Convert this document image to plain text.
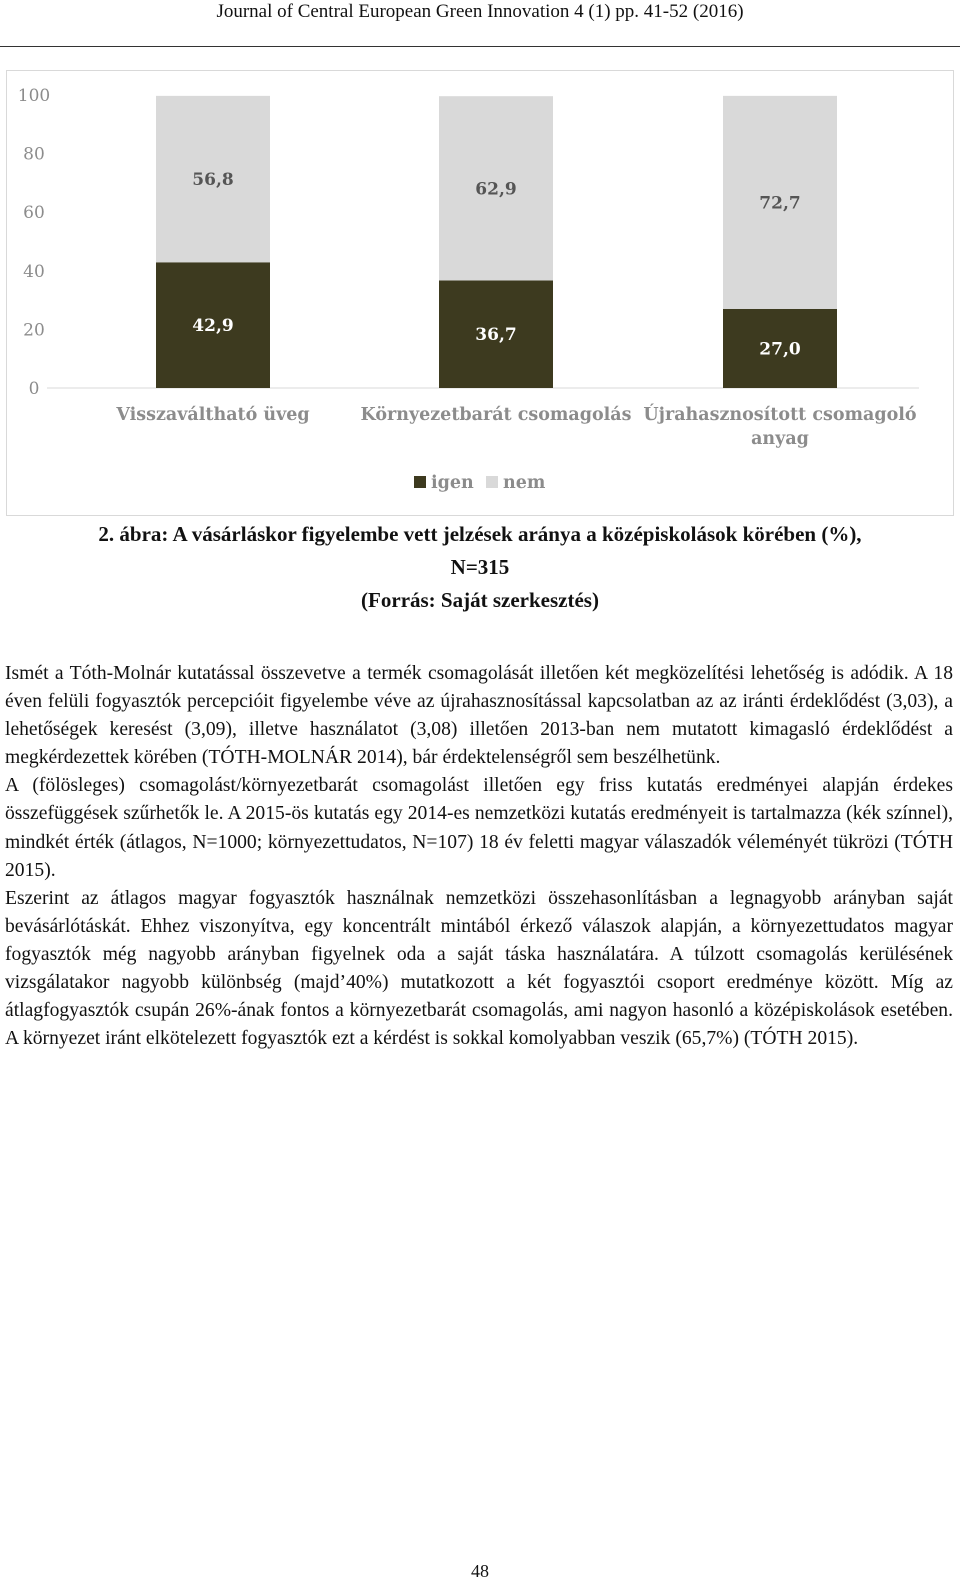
Journal of Central European Green Innovation 4 (1) pp. 41-52 (2016)
0
20
40
60
80
100
42,9
56,8
Visszaváltható üveg
36,7
62,9
Környezetbarát csomagolás
27,0
72,7
Újrahasznosított csomagoló
anyag
igen nem
2. ábra: A vásárláskor figyelembe vett jelzések aránya a középiskolások körében (%),
N=315
(Forrás: Saját szerkesztés)

Ismét a Tóth-Molnár kutatással összevetve a termék csomagolását illetően két megközelítési lehetőség is adódik. A 18 éven felüli fogyasztók percepcióit figyelembe véve az újrahasznosítással kapcsolatban az az iránti érdeklődést (3,03), a lehetőségek keresést (3,09), illetve használatot (3,08) illetően 2013-ban nem mutatott kimagasló érdeklődést a megkérdezettek körében (TÓTH-MOLNÁR 2014), bár érdektelenségről sem beszélhetünk.

A (fölösleges) csomagolást/környezetbarát csomagolást illetően egy friss kutatás eredményei alapján érdekes összefüggések szűrhetők le. A 2015-ös kutatás egy 2014-es nemzetközi kutatás eredményeit is tartalmazza (kék színnel), mindkét érték (átlagos, N=1000; környezettudatos, N=107) 18 év feletti magyar válaszadók véleményét tükrözi (TÓTH 2015).

Eszerint az átlagos magyar fogyasztók használnak nemzetközi összehasonlításban a legnagyobb arányban saját bevásárlótáskát. Ehhez viszonyítva, egy koncentrált mintából érkező válaszok alapján, a környezettudatos magyar fogyasztók még nagyobb arányban figyelnek oda a saját táska használatára. A túlzott csomagolás kerülésének vizsgálatakor nagyobb különbség (majd’40%) mutatkozott a két fogyasztói csoport eredménye között. Míg az átlagfogyasztók csupán 26%-ának fontos a környezetbarát csomagolás, ami nagyon hasonló a középiskolások esetében. A környezet iránt elkötelezett fogyasztók ezt a kérdést is sokkal komolyabban veszik (65,7%) (TÓTH 2015).

48
